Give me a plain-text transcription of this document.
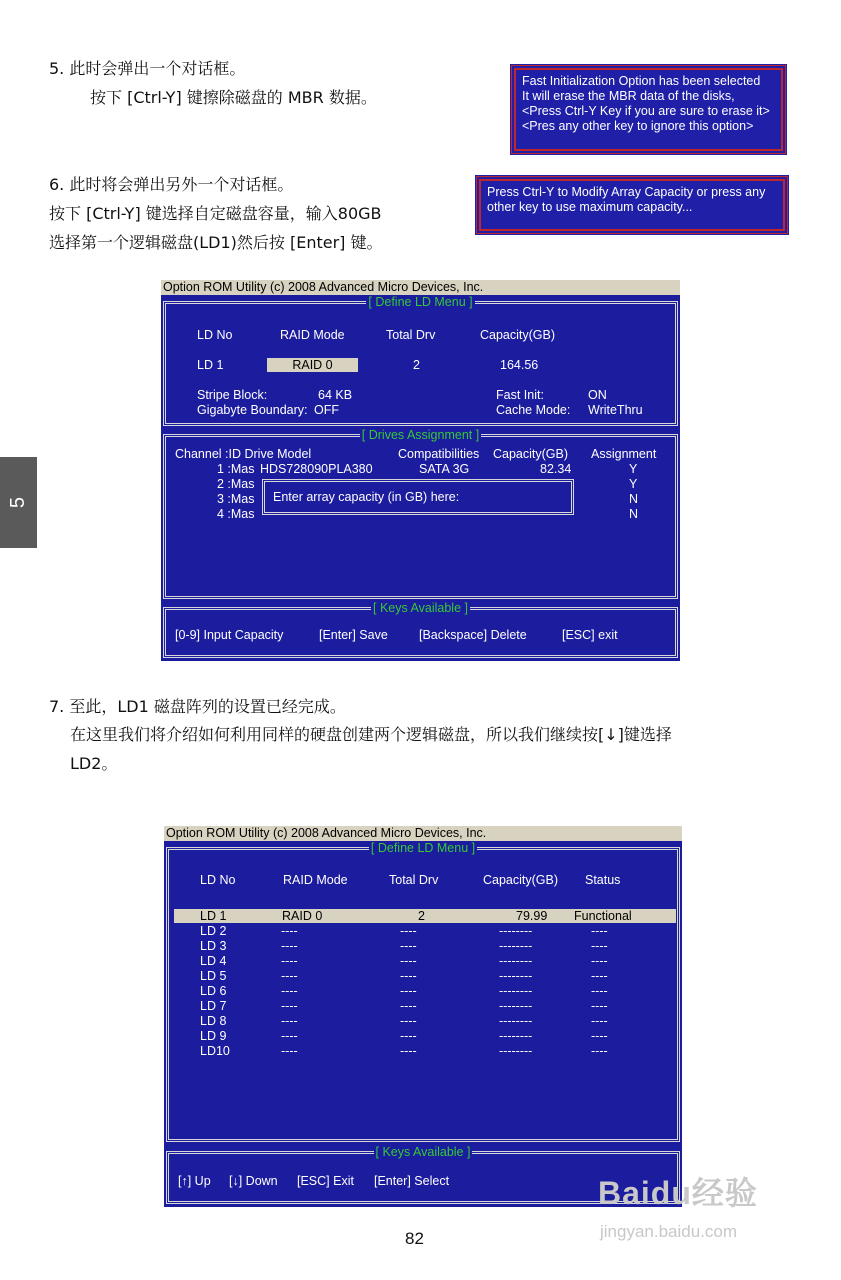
5. 此时会弹出一个对话框。
按下 [Ctrl-Y] 键擦除磁盘的 MBR 数据。
Fast Initialization Option has been selected
It will erase the MBR data of the disks,
<Press Ctrl-Y Key if you are sure to erase it>
<Pres any other key to ignore this option>
6. 此时将会弹出另外一个对话框。
按下 [Ctrl-Y] 键选择自定磁盘容量，输入80GB
选择第一个逻辑磁盘(LD1)然后按 [Enter] 键。
Press Ctrl-Y to Modify Array Capacity or press any
other key to use maximum capacity...
5
Option ROM Utility (c) 2008 Advanced Micro Devices, Inc.
[ Define LD Menu ]
LD No	RAID Mode	Total Drv	Capacity(GB)
LD 1	RAID 0	2	164.56
Stripe Block:	64 KB
Gigabyte Boundary: OFF
Fast Init:	ON
Cache Mode: WriteThru
[ Drives Assignment ]
Channel :ID Drive Model	Compatibilities Capacity(GB) Assignment
1 :Mas HDS728090PLA380	SATA 3G	82.34	Y
2 :Mas	Y
3 :Mas	N
4 :Mas	N
Enter array capacity (in GB) here:
[ Keys Available ]
[0-9] Input Capacity	[Enter] Save [Backspace] Delete	[ESC] exit
7. 至此，LD1 磁盘阵列的设置已经完成。
在这里我们将介绍如何利用同样的硬盘创建两个逻辑磁盘，所以我们继续按[↓]键选择
LD2。
Option ROM Utility (c) 2008 Advanced Micro Devices, Inc.
[ Define LD Menu ]
LD No	RAID Mode	Total Drv	Capacity(GB) Status
LD 1	RAID 0	2	79.99 Functional
LD 2	----	----	--------	----
LD 3	----	----	--------	----
LD 4	----	----	--------	----
LD 5	----	----	--------	----
LD 6	----	----	--------	----
LD 7	----	----	--------	----
LD 8	----	----	--------	----
LD 9	----	----	--------	----
LD10	----	----	--------	----
[ Keys Available ]
[↑] Up [↓] Down [ESC] Exit [Enter] Select
82
Baidu经验
jingyan.baidu.com
